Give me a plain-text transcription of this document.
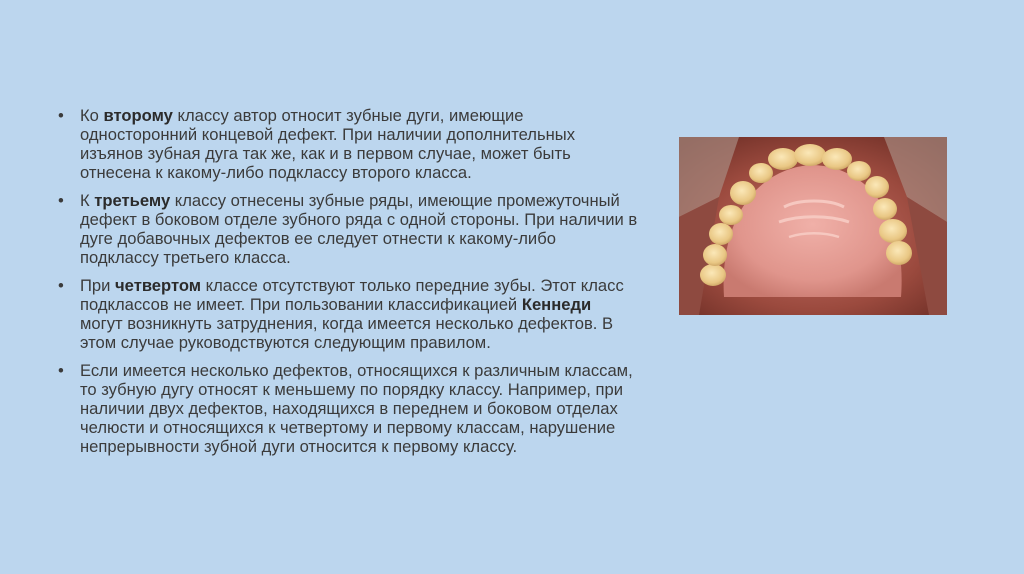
• Ко второму классу автор относит зубные дуги, имеющие односторонний концевой дефект. При наличии дополнительных изъянов зубная дуга так же, как и в первом случае, может быть отнесена к какому-либо подклассу второго класса.
• К третьему классу отнесены зубные ряды, имеющие промежуточный дефект в боковом отделе зубного ряда с одной стороны. При наличии в дуге добавочных дефектов ее следует отнести к какому-либо подклассу третьего класса.
• При четвертом классе отсутствуют только передние зубы. Этот класс подклассов не имеет. При пользовании классификацией Кеннеди могут возникнуть затруднения, когда имеется несколько дефектов. В этом случае руководствуются следующим правилом.
• Если имеется несколько дефектов, относящихся к различным классам, то зубную дугу относят к меньшему по порядку классу. Например, при наличии двух дефектов, находящихся в переднем и боковом отделах челюсти и относящихся к четвертому и первому классам, нарушение непрерывности зубной дуги относится к первому классу.
